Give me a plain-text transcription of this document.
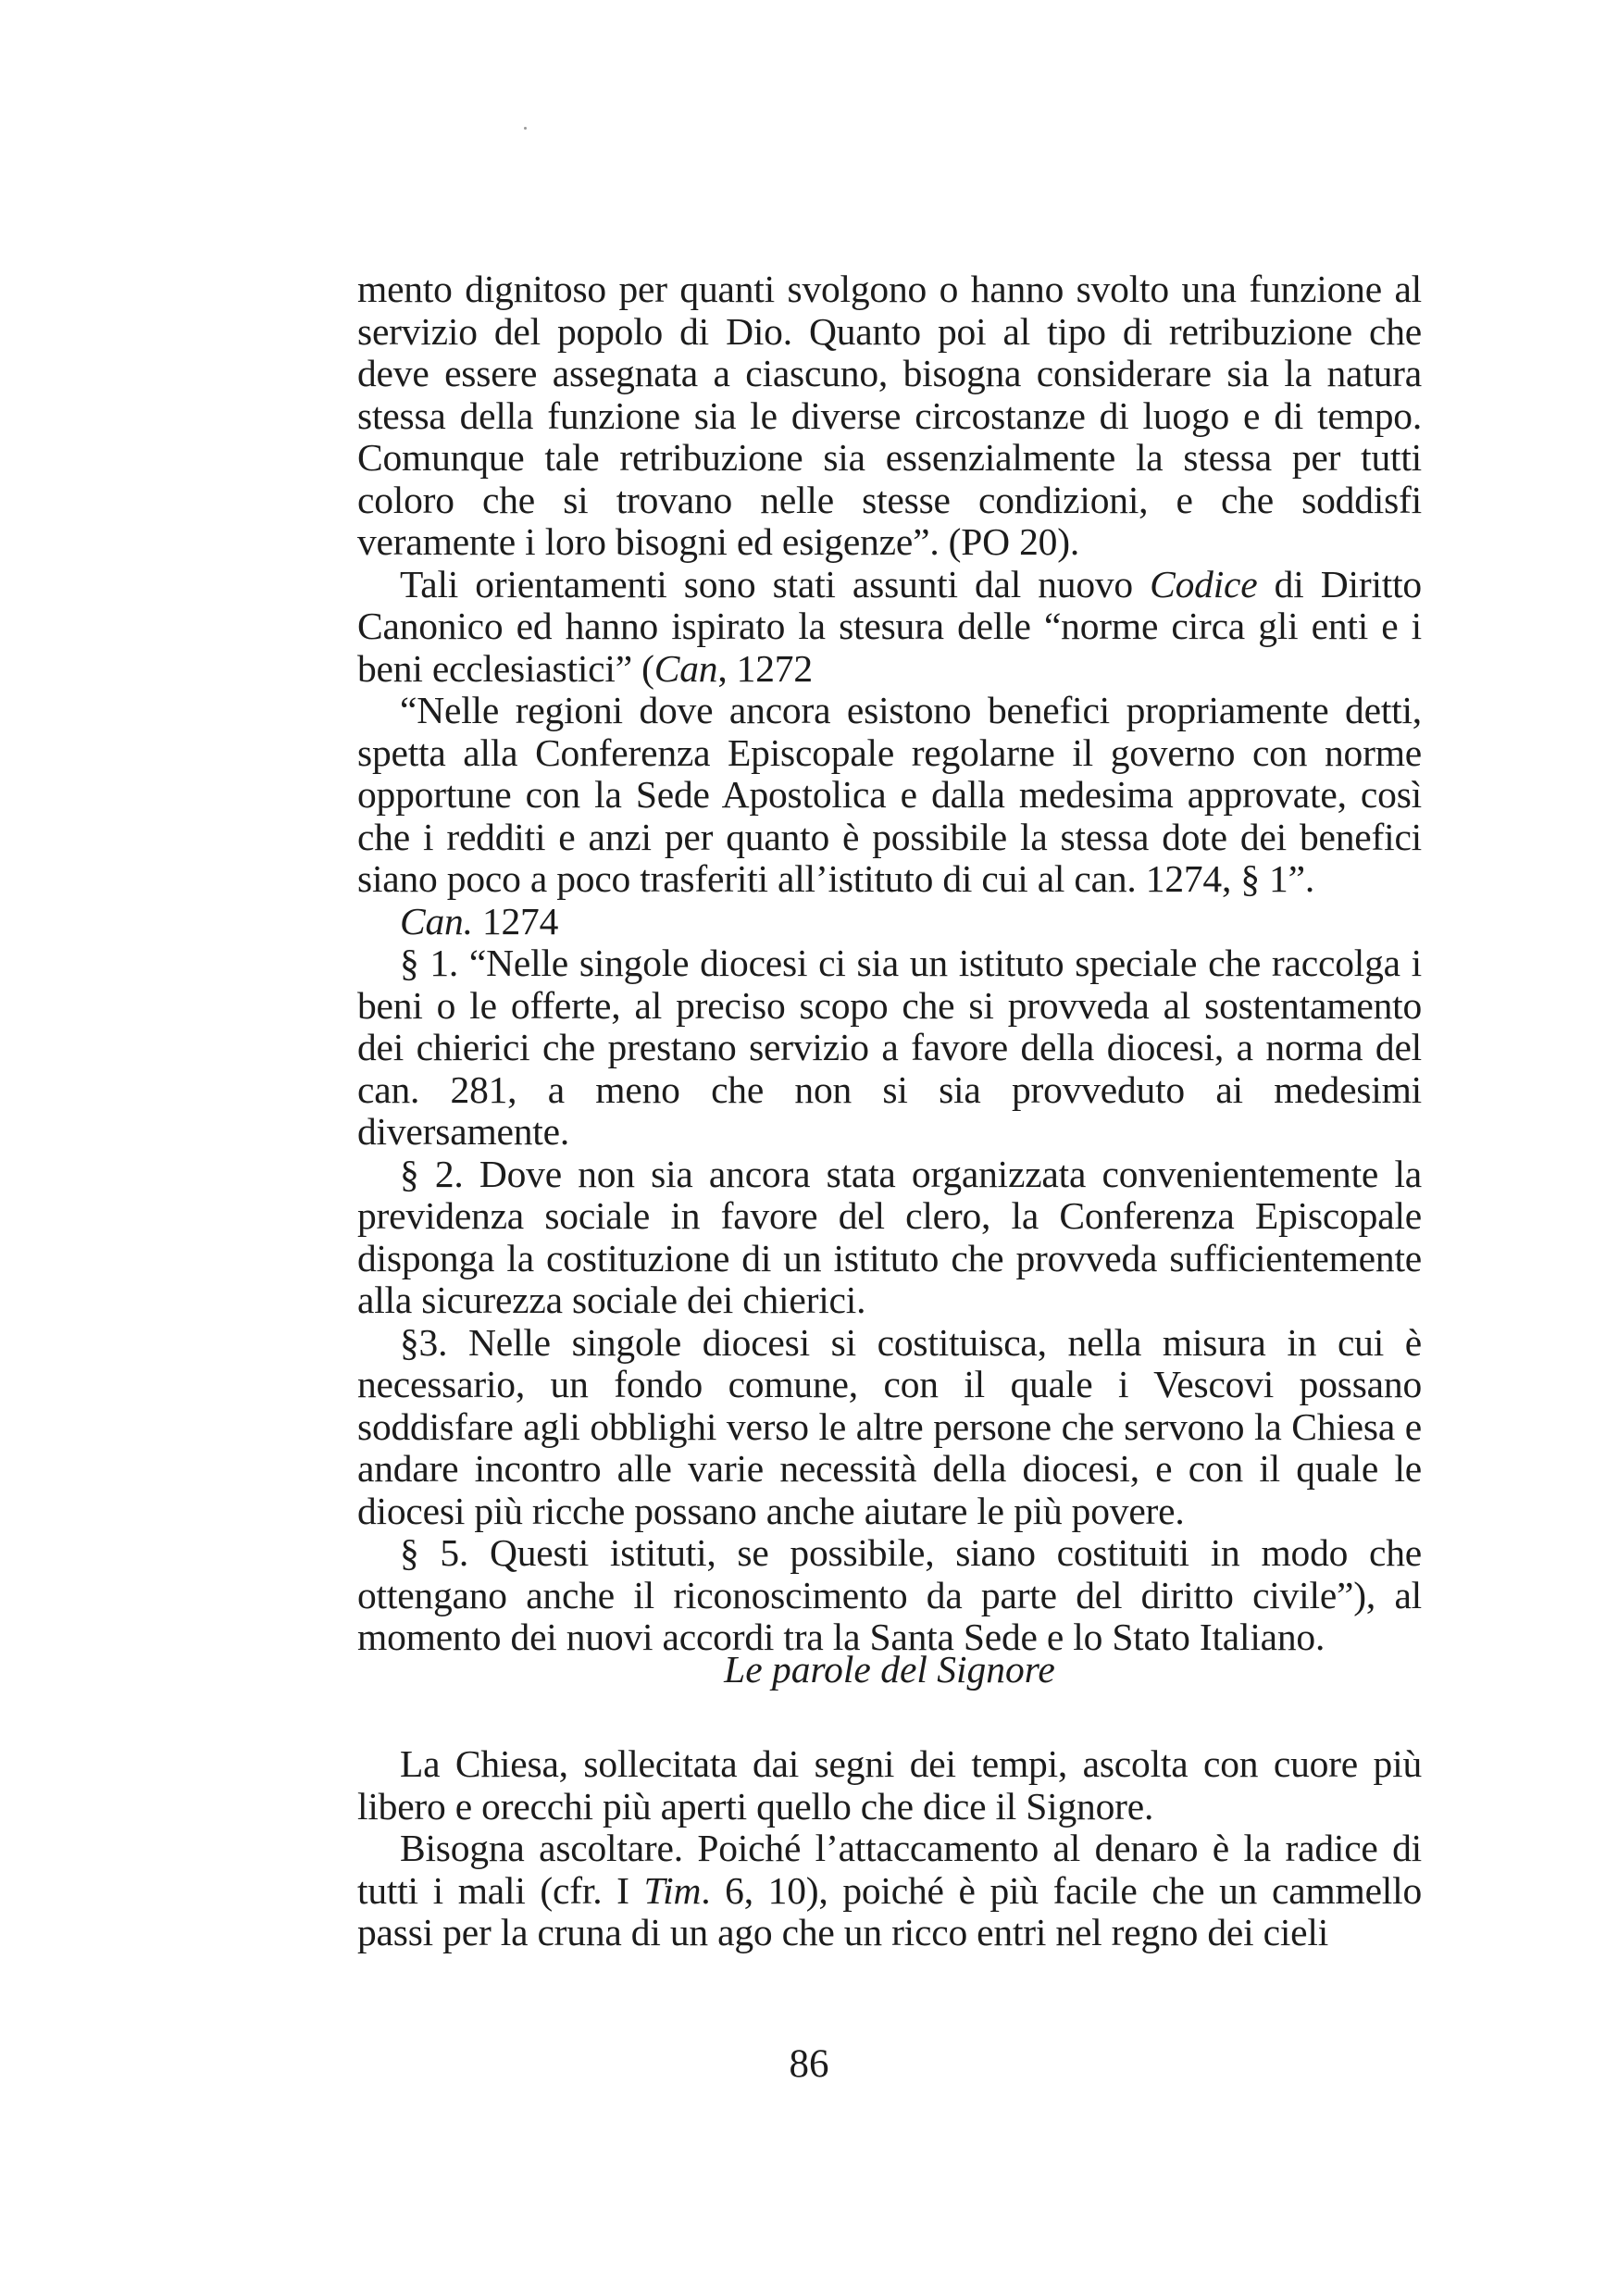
mento dignitoso per quanti svolgono o hanno svolto una funzione al servizio del popolo di Dio. Quanto poi al tipo di retribuzione che deve essere assegnata a ciascuno, bisogna considerare sia la natura stessa della funzione sia le diverse circostanze di luogo e di tempo. Comunque tale retribuzione sia essenzialmente la stessa per tutti coloro che si trovano nelle stesse condizioni, e che soddisfi veramente i loro bisogni ed esigenze”. (PO 20).

Tali orientamenti sono stati assunti dal nuovo Codice di Diritto Canonico ed hanno ispirato la stesura delle “norme circa gli enti e i beni ecclesiastici” (Can, 1272

“Nelle regioni dove ancora esistono benefici propriamente detti, spetta alla Conferenza Episcopale regolarne il governo con norme opportune con la Sede Apostolica e dalla medesima approvate, così che i redditi e anzi per quanto è possibile la stessa dote dei benefici siano poco a poco trasferiti all’istituto di cui al can. 1274, § 1”.

Can. 1274

§ 1. “Nelle singole diocesi ci sia un istituto speciale che raccolga i beni o le offerte, al preciso scopo che si provveda al sostentamento dei chierici che prestano servizio a favore della diocesi, a norma del can. 281, a meno che non si sia provveduto ai medesimi diversamente.

§ 2. Dove non sia ancora stata organizzata convenientemente la previdenza sociale in favore del clero, la Conferenza Episcopale disponga la costituzione di un istituto che provveda sufficientemente alla sicurezza sociale dei chierici.

§3. Nelle singole diocesi si costituisca, nella misura in cui è necessario, un fondo comune, con il quale i Vescovi possano soddisfare agli obblighi verso le altre persone che servono la Chiesa e andare incontro alle varie necessità della diocesi, e con il quale le diocesi più ricche possano anche aiutare le più povere.

§ 5. Questi istituti, se possibile, siano costituiti in modo che ottengano anche il riconoscimento da parte del diritto civile”), al momento dei nuovi accordi tra la Santa Sede e lo Stato Italiano.

Le parole del Signore

La Chiesa, sollecitata dai segni dei tempi, ascolta con cuore più libero e orecchi più aperti quello che dice il Signore.

Bisogna ascoltare. Poiché l’attaccamento al denaro è la radice di tutti i mali (cfr. I Tim. 6, 10), poiché è più facile che un cammello passi per la cruna di un ago che un ricco entri nel regno dei cieli

86
